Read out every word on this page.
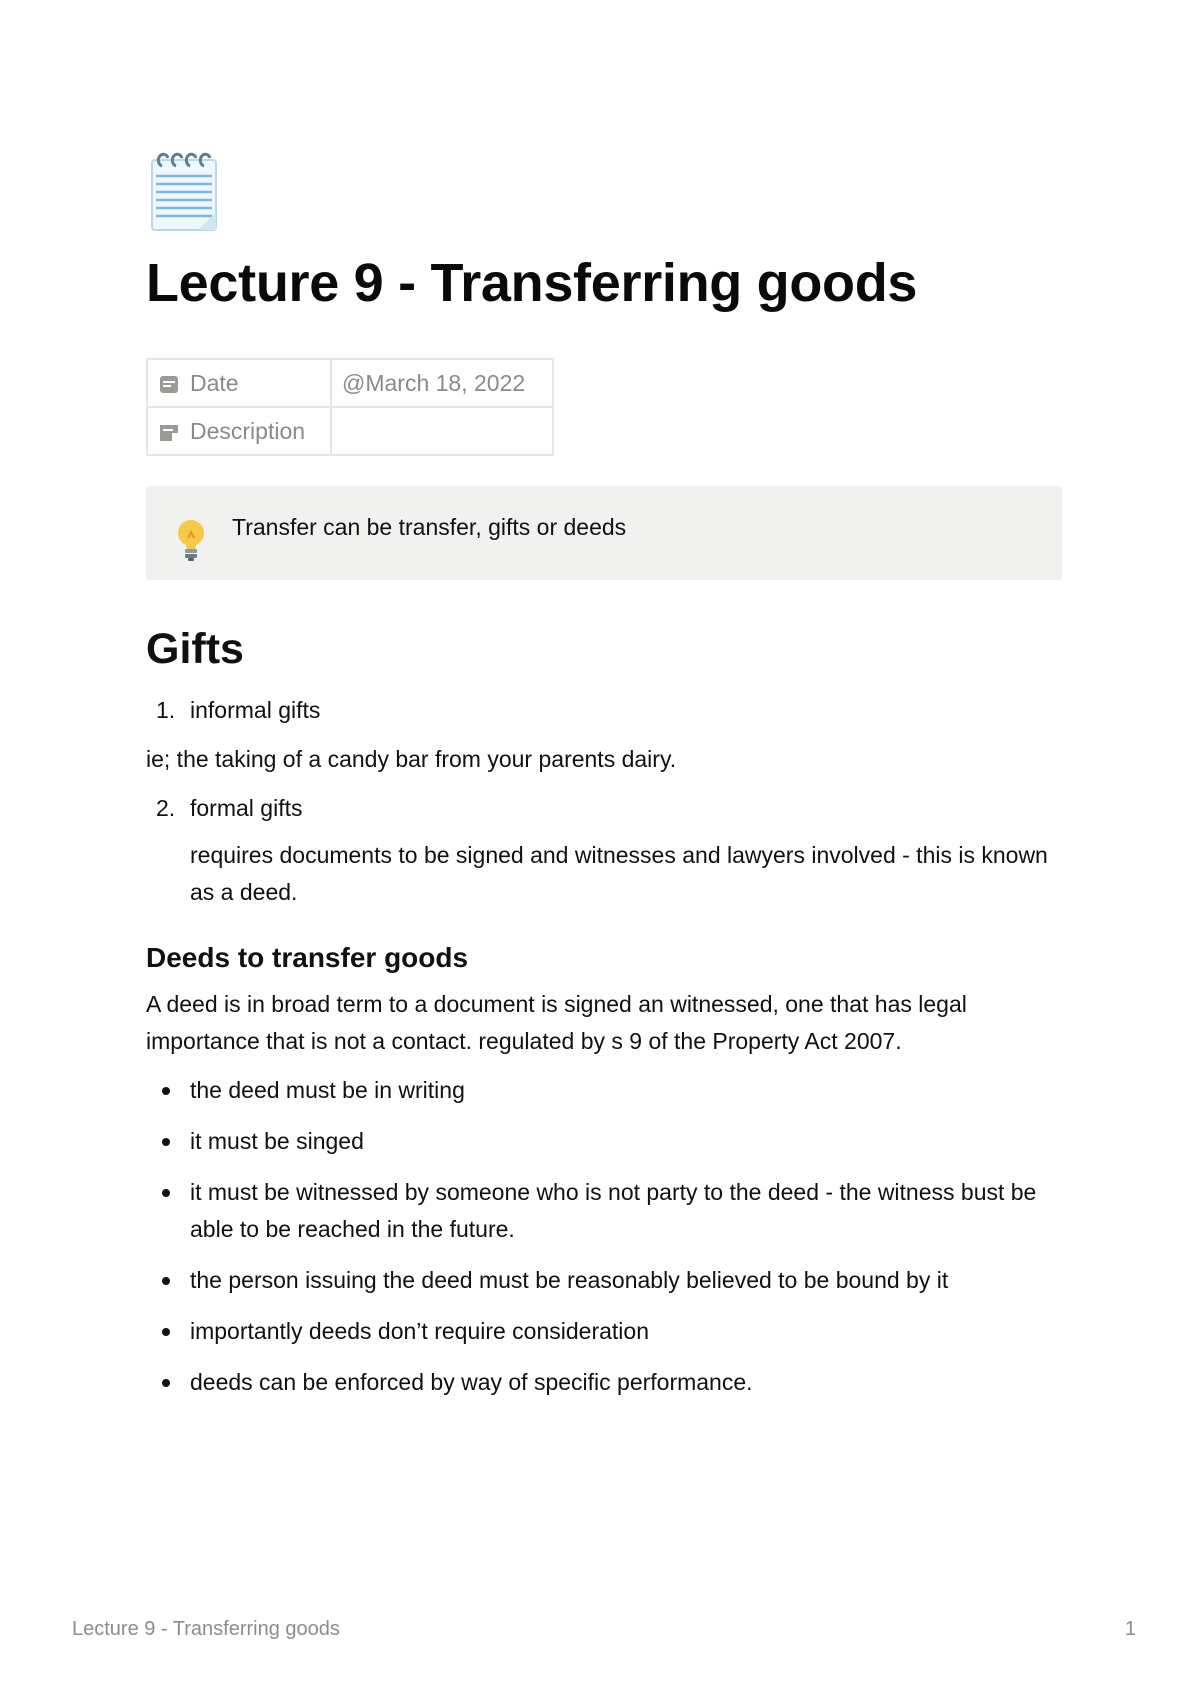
Lecture 9 - Transferring goods
Date	@March 18, 2022
Description	
Transfer can be transfer, gifts or deeds
Gifts
1. informal gifts
ie; the taking of a candy bar from your parents dairy.
2. formal gifts
requires documents to be signed and witnesses and lawyers involved - this is known as a deed.
Deeds to transfer goods
A deed is in broad term to a document is signed an witnessed, one that has legal importance that is not a contact. regulated by s 9 of the Property Act 2007.
the deed must be in writing
it must be singed
it must be witnessed by someone who is not party to the deed - the witness bust be able to be reached in the future.
the person issuing the deed must be reasonably believed to be bound by it
importantly deeds don’t require consideration
deeds can be enforced by way of specific performance.
Lecture 9 - Transferring goods	1
